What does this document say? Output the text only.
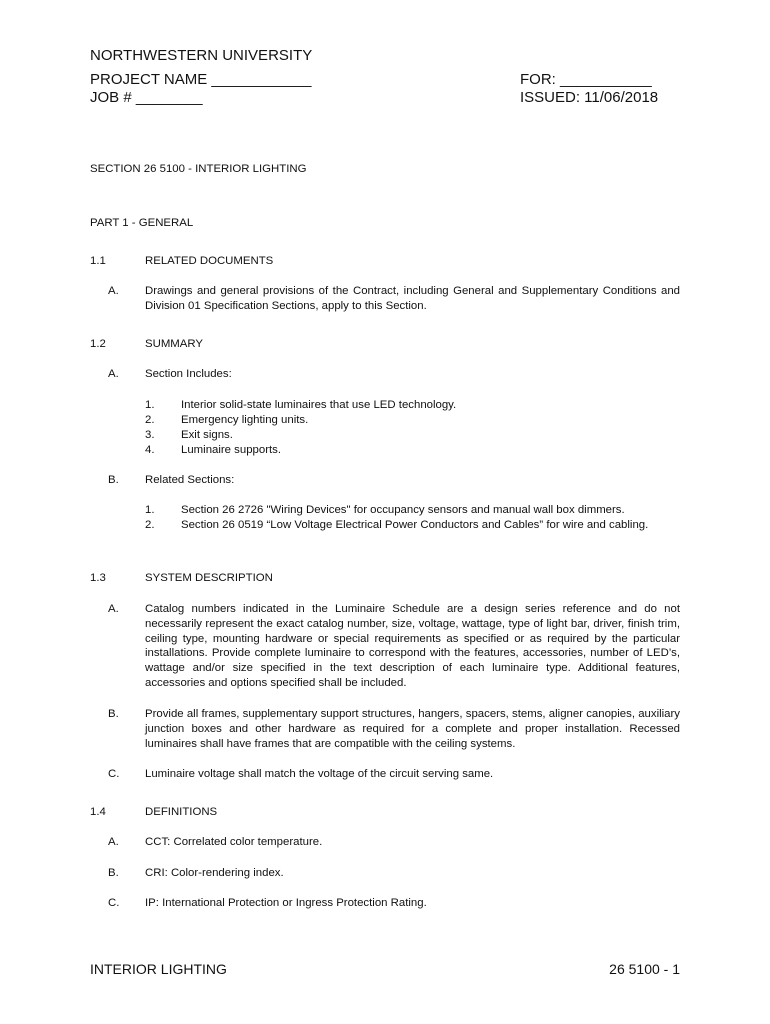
NORTHWESTERN UNIVERSITY
PROJECT NAME ____________
JOB # ________
FOR: ___________
ISSUED: 11/06/2018
SECTION 26 5100 - INTERIOR LIGHTING
PART 1 - GENERAL
1.1	RELATED DOCUMENTS
A. Drawings and general provisions of the Contract, including General and Supplementary Conditions and Division 01 Specification Sections, apply to this Section.
1.2	SUMMARY
A. Section Includes:
1. Interior solid-state luminaires that use LED technology.
2. Emergency lighting units.
3. Exit signs.
4. Luminaire supports.
B. Related Sections:
1. Section 26 2726 "Wiring Devices" for occupancy sensors and manual wall box dimmers.
2. Section 26 0519 “Low Voltage Electrical Power Conductors and Cables” for wire and cabling.
1.3	SYSTEM DESCRIPTION
A. Catalog numbers indicated in the Luminaire Schedule are a design series reference and do not necessarily represent the exact catalog number, size, voltage, wattage, type of light bar, driver, finish trim, ceiling type, mounting hardware or special requirements as specified or as required by the particular installations. Provide complete luminaire to correspond with the features, accessories, number of LED’s, wattage and/or size specified in the text description of each luminaire type. Additional features, accessories and options specified shall be included.
B. Provide all frames, supplementary support structures, hangers, spacers, stems, aligner canopies, auxiliary junction boxes and other hardware as required for a complete and proper installation. Recessed luminaires shall have frames that are compatible with the ceiling systems.
C. Luminaire voltage shall match the voltage of the circuit serving same.
1.4	DEFINITIONS
A. CCT: Correlated color temperature.
B. CRI: Color-rendering index.
C. IP: International Protection or Ingress Protection Rating.
INTERIOR LIGHTING	26 5100 - 1
